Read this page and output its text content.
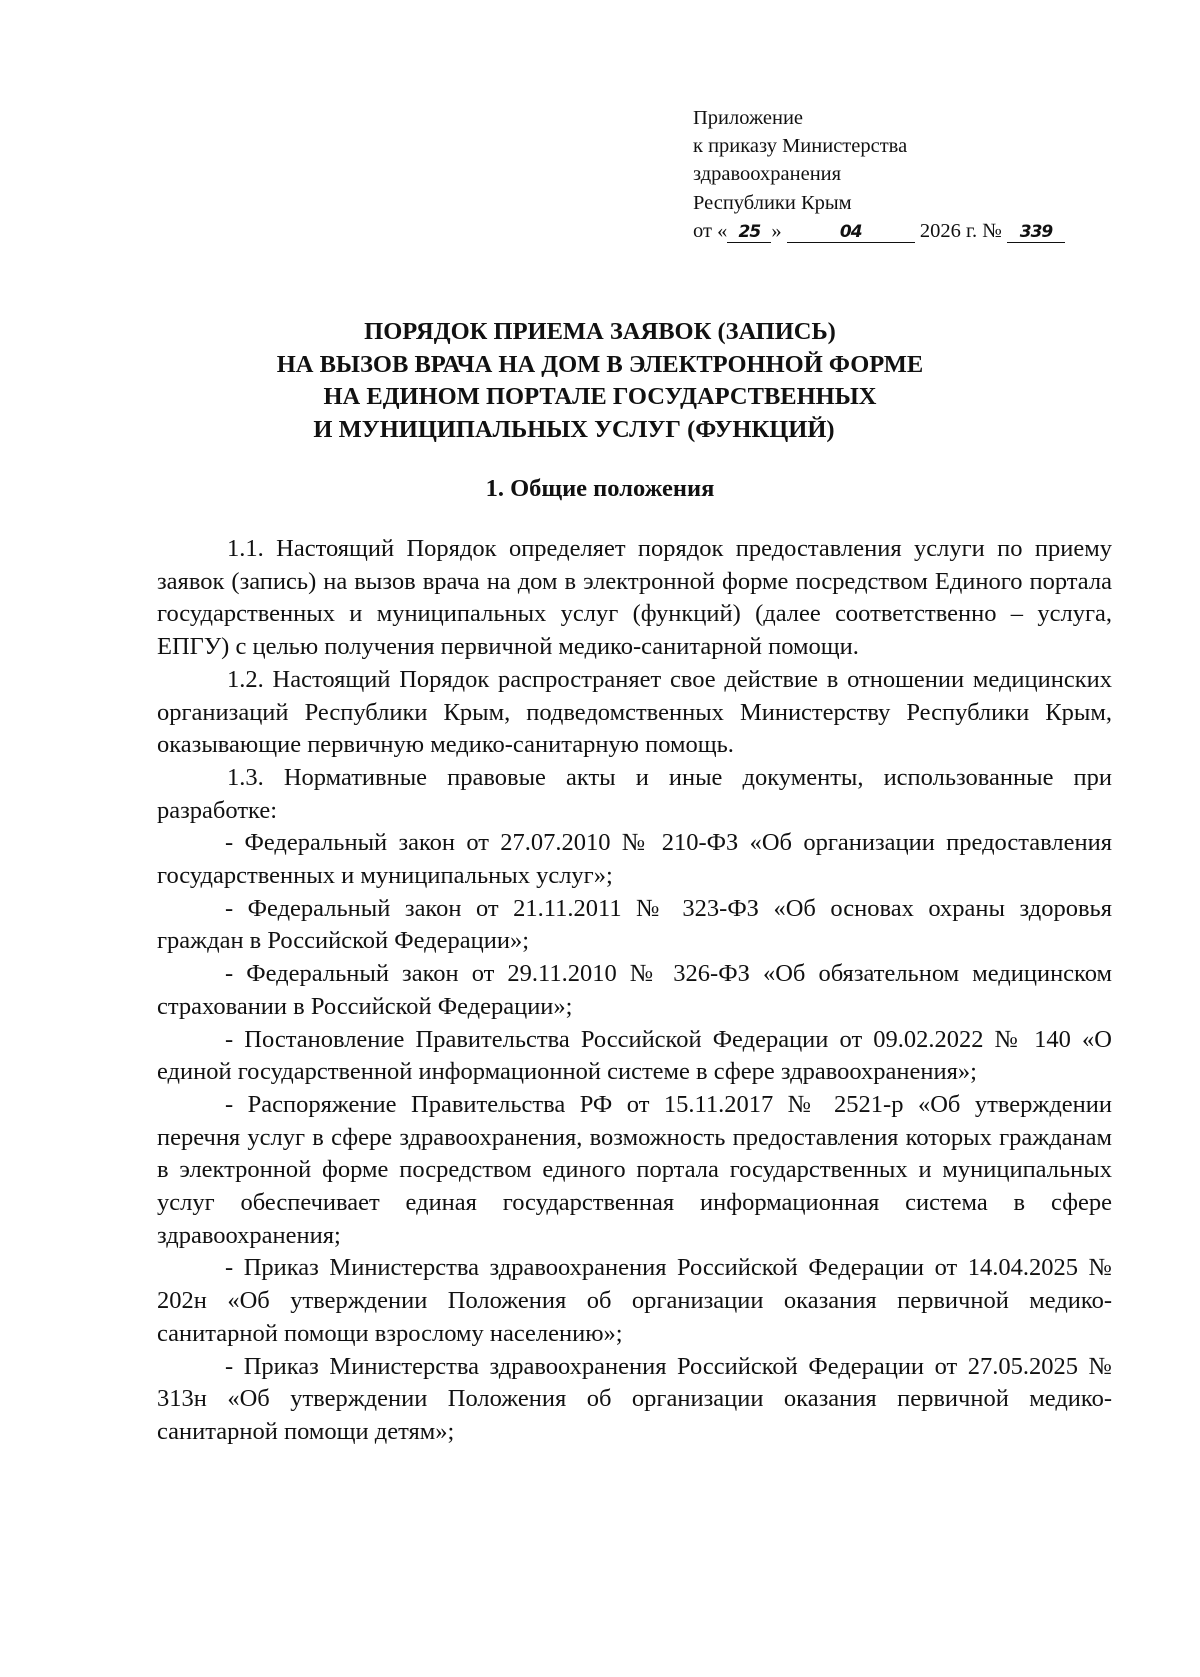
Приложение
к приказу Министерства
здравоохранения
Республики Крым
от « 25 »	04	2026 г. № 339
ПОРЯДОК ПРИЕМА ЗАЯВОК (ЗАПИСЬ)
НА ВЫЗОВ ВРАЧА НА ДОМ В ЭЛЕКТРОННОЙ ФОРМЕ
НА ЕДИНОМ ПОРТАЛЕ ГОСУДАРСТВЕННЫХ
И МУНИЦИПАЛЬНЫХ УСЛУГ (ФУНКЦИЙ)
1. Общие положения

1.1. Настоящий Порядок определяет порядок предоставления услуги по приему заявок (запись) на вызов врача на дом в электронной форме посредством Единого портала государственных и муниципальных услуг (функций) (далее соответственно – услуга, ЕПГУ) с целью получения первичной медико-санитарной помощи.

1.2. Настоящий Порядок распространяет свое действие в отношении медицинских организаций Республики Крым, подведомственных Министерству Республики Крым, оказывающие первичную медико-санитарную помощь.

1.3. Нормативные правовые акты и иные документы, использованные при разработке:

- Федеральный закон от 27.07.2010 № 210-ФЗ «Об организации предоставления государственных и муниципальных услуг»;

- Федеральный закон от 21.11.2011 № 323-ФЗ «Об основах охраны здоровья граждан в Российской Федерации»;

- Федеральный закон от 29.11.2010 № 326-ФЗ «Об обязательном медицинском страховании в Российской Федерации»;

- Постановление Правительства Российской Федерации от 09.02.2022 № 140 «О единой государственной информационной системе в сфере здравоохранения»;

- Распоряжение Правительства РФ от 15.11.2017 № 2521-р «Об утверждении перечня услуг в сфере здравоохранения, возможность предоставления которых гражданам в электронной форме посредством единого портала государственных и муниципальных услуг обеспечивает единая государственная информационная система в сфере здравоохранения;

- Приказ Министерства здравоохранения Российской Федерации от 14.04.2025 № 202н «Об утверждении Положения об организации оказания первичной медико-санитарной помощи взрослому населению»;

- Приказ Министерства здравоохранения Российской Федерации от 27.05.2025 № 313н «Об утверждении Положения об организации оказания первичной медико-санитарной помощи детям»;
